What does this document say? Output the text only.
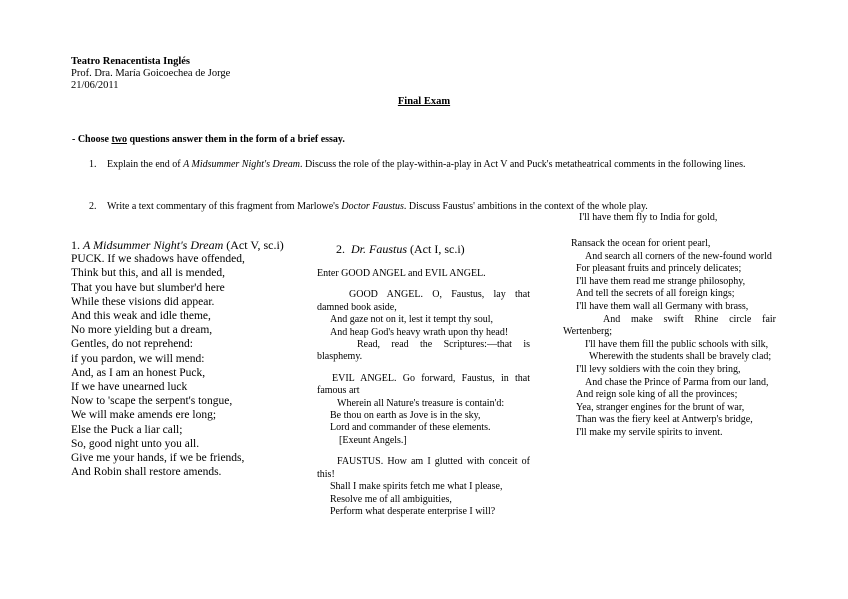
Teatro Renacentista Inglés
Prof. Dra. María Goicoechea de Jorge
21/06/2011
Final Exam
- Choose two questions answer them in the form of a brief essay.
1. Explain the end of A Midsummer Night's Dream. Discuss the role of the play-within-a-play in Act V and Puck's metatheatrical comments in the following lines.
2. Write a text commentary of this fragment from Marlowe's Doctor Faustus. Discuss Faustus' ambitions in the context of the whole play.
I'll have them fly to India for gold,
1. A Midsummer Night's Dream (Act V, sc.i)
PUCK. If we shadows have offended,
Think but this, and all is mended,
That you have but slumber'd here
While these visions did appear.
And this weak and idle theme,
No more yielding but a dream,
Gentles, do not reprehend:
if you pardon, we will mend:
And, as I am an honest Puck,
If we have unearned luck
Now to 'scape the serpent's tongue,
We will make amends ere long;
Else the Puck a liar call;
So, good night unto you all.
Give me your hands, if we be friends,
And Robin shall restore amends.
2. Dr. Faustus (Act I, sc.i)
Enter GOOD ANGEL and EVIL ANGEL.
GOOD ANGEL. O, Faustus, lay that damned book aside,
And gaze not on it, lest it tempt thy soul,
And heap God's heavy wrath upon thy head!
Read, read the Scriptures:—that is blasphemy.
EVIL ANGEL. Go forward, Faustus, in that famous art
Wherein all Nature's treasure is contain'd:
Be thou on earth as Jove is in the sky,
Lord and commander of these elements.
[Exeunt Angels.]
FAUSTUS. How am I glutted with conceit of this!
Shall I make spirits fetch me what I please,
Resolve me of all ambiguities,
Perform what desperate enterprise I will?
Ransack the ocean for orient pearl,
And search all corners of the new-found world
For pleasant fruits and princely delicates;
I'll have them read me strange philosophy,
And tell the secrets of all foreign kings;
I'll have them wall all Germany with brass,
And make swift Rhine circle fair Wertenberg;
I'll have them fill the public schools with silk,
Wherewith the students shall be bravely clad;
I'll levy soldiers with the coin they bring,
And chase the Prince of Parma from our land,
And reign sole king of all the provinces;
Yea, stranger engines for the brunt of war,
Than was the fiery keel at Antwerp's bridge,
I'll make my servile spirits to invent.
